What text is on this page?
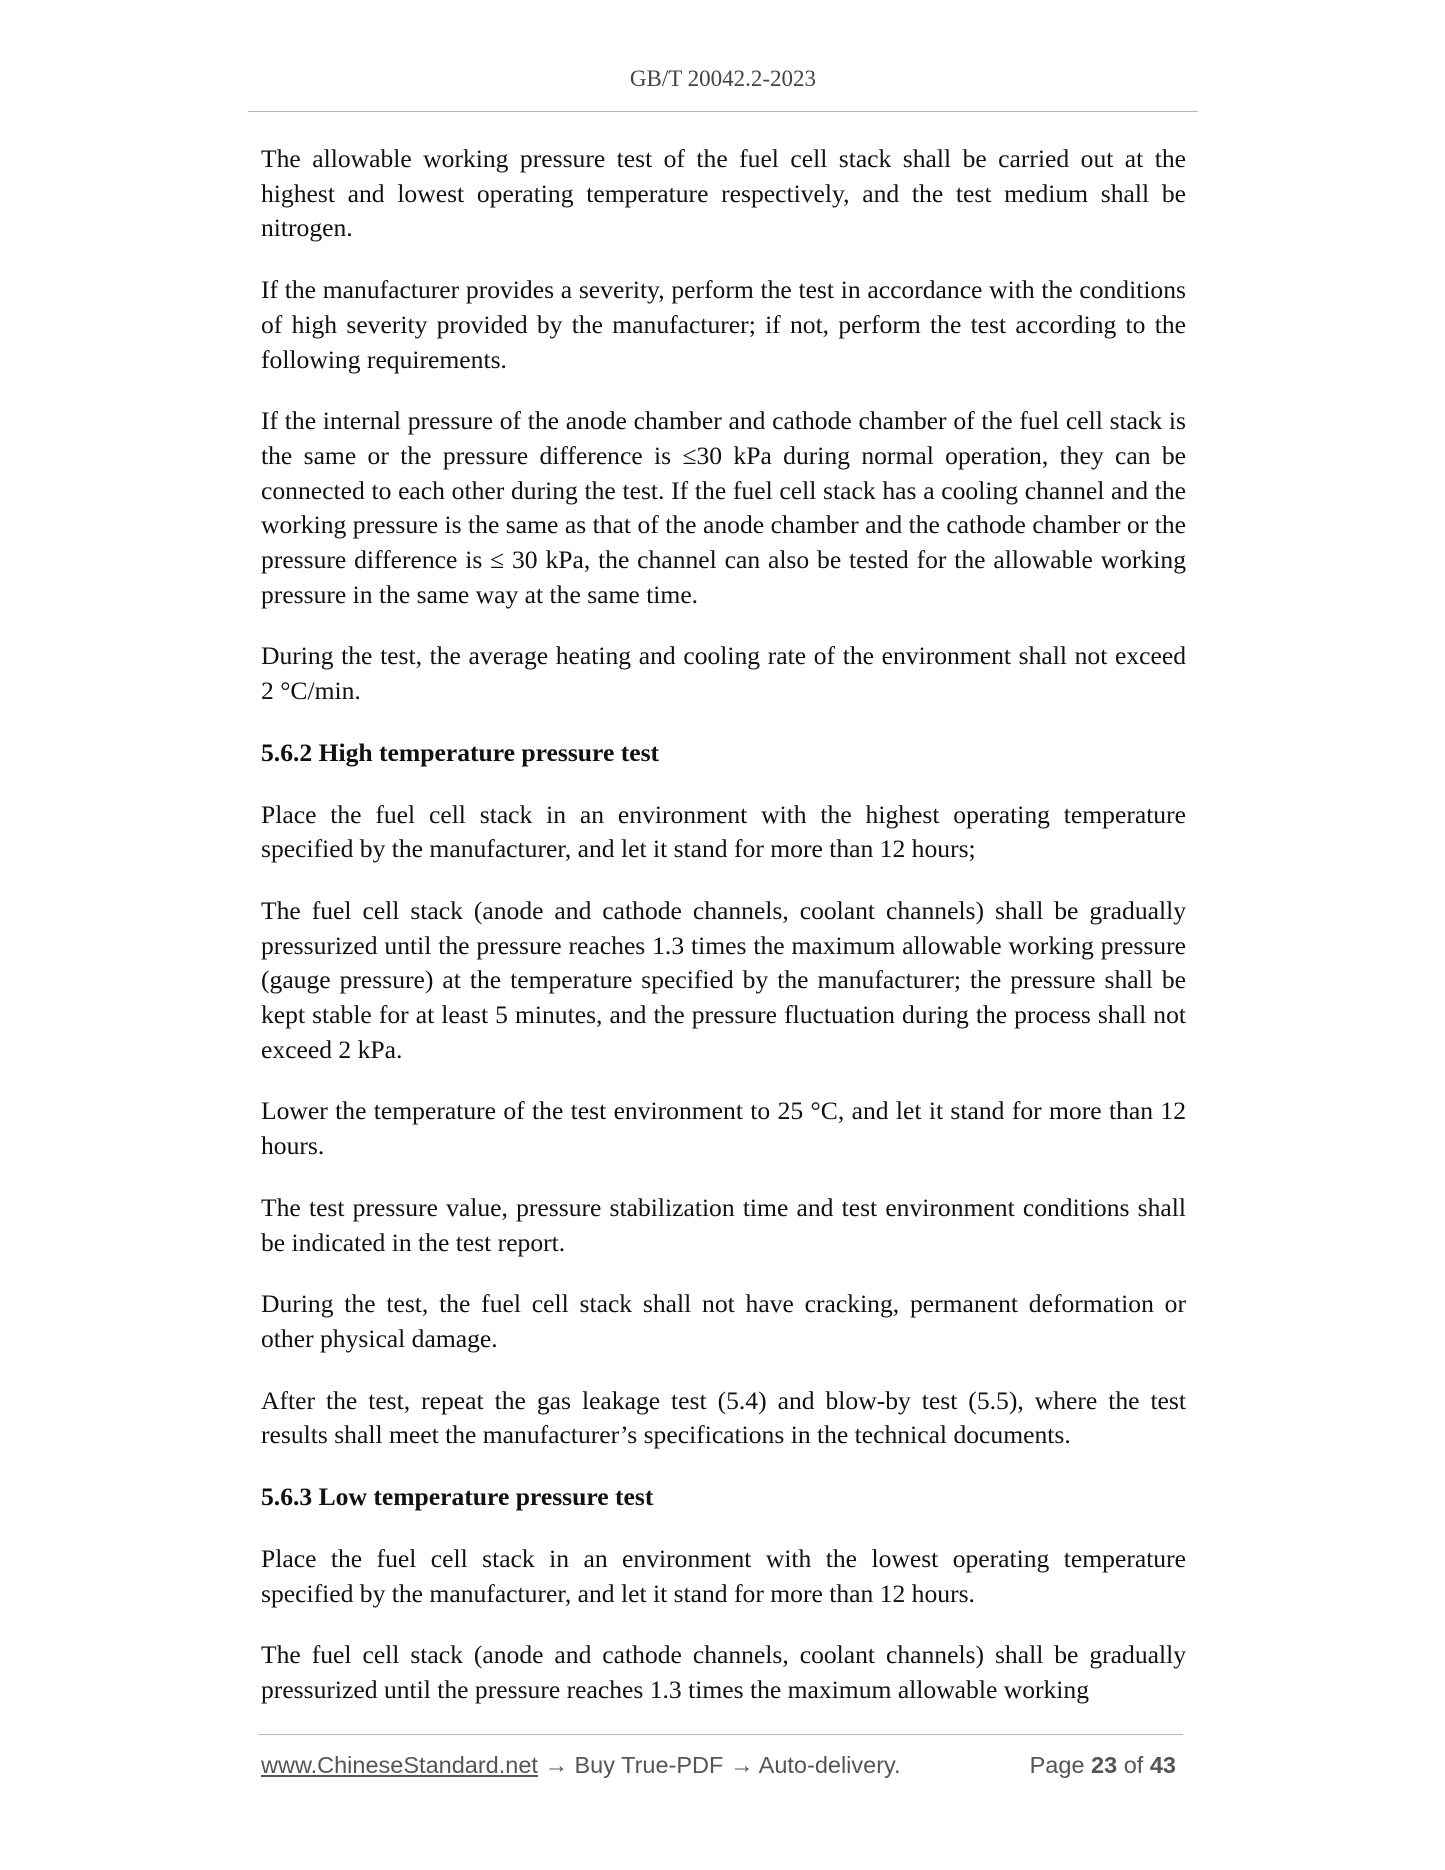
GB/T 20042.2-2023

The allowable working pressure test of the fuel cell stack shall be carried out at the highest and lowest operating temperature respectively, and the test medium shall be nitrogen.

If the manufacturer provides a severity, perform the test in accordance with the conditions of high severity provided by the manufacturer; if not, perform the test according to the following requirements.

If the internal pressure of the anode chamber and cathode chamber of the fuel cell stack is the same or the pressure difference is ≤30 kPa during normal operation, they can be connected to each other during the test. If the fuel cell stack has a cooling channel and the working pressure is the same as that of the anode chamber and the cathode chamber or the pressure difference is ≤ 30 kPa, the channel can also be tested for the allowable working pressure in the same way at the same time.

During the test, the average heating and cooling rate of the environment shall not exceed 2 °C/min.

5.6.2 High temperature pressure test

Place the fuel cell stack in an environment with the highest operating temperature specified by the manufacturer, and let it stand for more than 12 hours;

The fuel cell stack (anode and cathode channels, coolant channels) shall be gradually pressurized until the pressure reaches 1.3 times the maximum allowable working pressure (gauge pressure) at the temperature specified by the manufacturer; the pressure shall be kept stable for at least 5 minutes, and the pressure fluctuation during the process shall not exceed 2 kPa.

Lower the temperature of the test environment to 25 °C, and let it stand for more than 12 hours.

The test pressure value, pressure stabilization time and test environment conditions shall be indicated in the test report.

During the test, the fuel cell stack shall not have cracking, permanent deformation or other physical damage.

After the test, repeat the gas leakage test (5.4) and blow-by test (5.5), where the test results shall meet the manufacturer’s specifications in the technical documents.

5.6.3 Low temperature pressure test

Place the fuel cell stack in an environment with the lowest operating temperature specified by the manufacturer, and let it stand for more than 12 hours.

The fuel cell stack (anode and cathode channels, coolant channels) shall be gradually pressurized until the pressure reaches 1.3 times the maximum allowable working

www.ChineseStandard.net → Buy True-PDF → Auto-delivery.	Page 23 of 43
